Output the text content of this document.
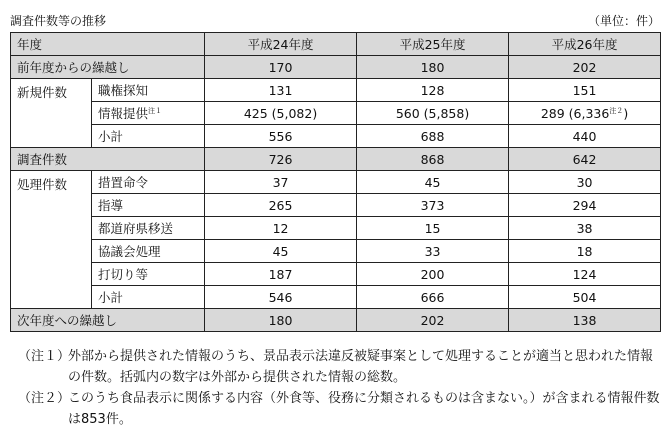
調査件数等の推移	（単位：件）
年度		平成24年度	平成25年度	平成26年度
前年度からの繰越し		170	180	202
新規件数	職権探知	131	128	151
	情報提供$^{注1}$	425 (5,082)	560 (5,858)	289 (6,336$^{注2}$)
	小計	556	688	440
調査件数		726	868	642
処理件数	措置命令	37	45	30
	指導	265	373	294
	都道府県移送	12	15	38
	協議会処理	45	33	18
	打切り等	187	200	124
	小計	546	666	504
次年度への繰越し		180	202	138
（注１）
外部から提供された情報のうち、景品表示法違反被疑事案として処理することが適当と思われた情報の件数。括弧内の数字は外部から提供された情報の総数。
（注２）
このうち食品表示に関係する内容（外食等、役務に分類されるものは含まない。）が含まれる情報件数は853件。
